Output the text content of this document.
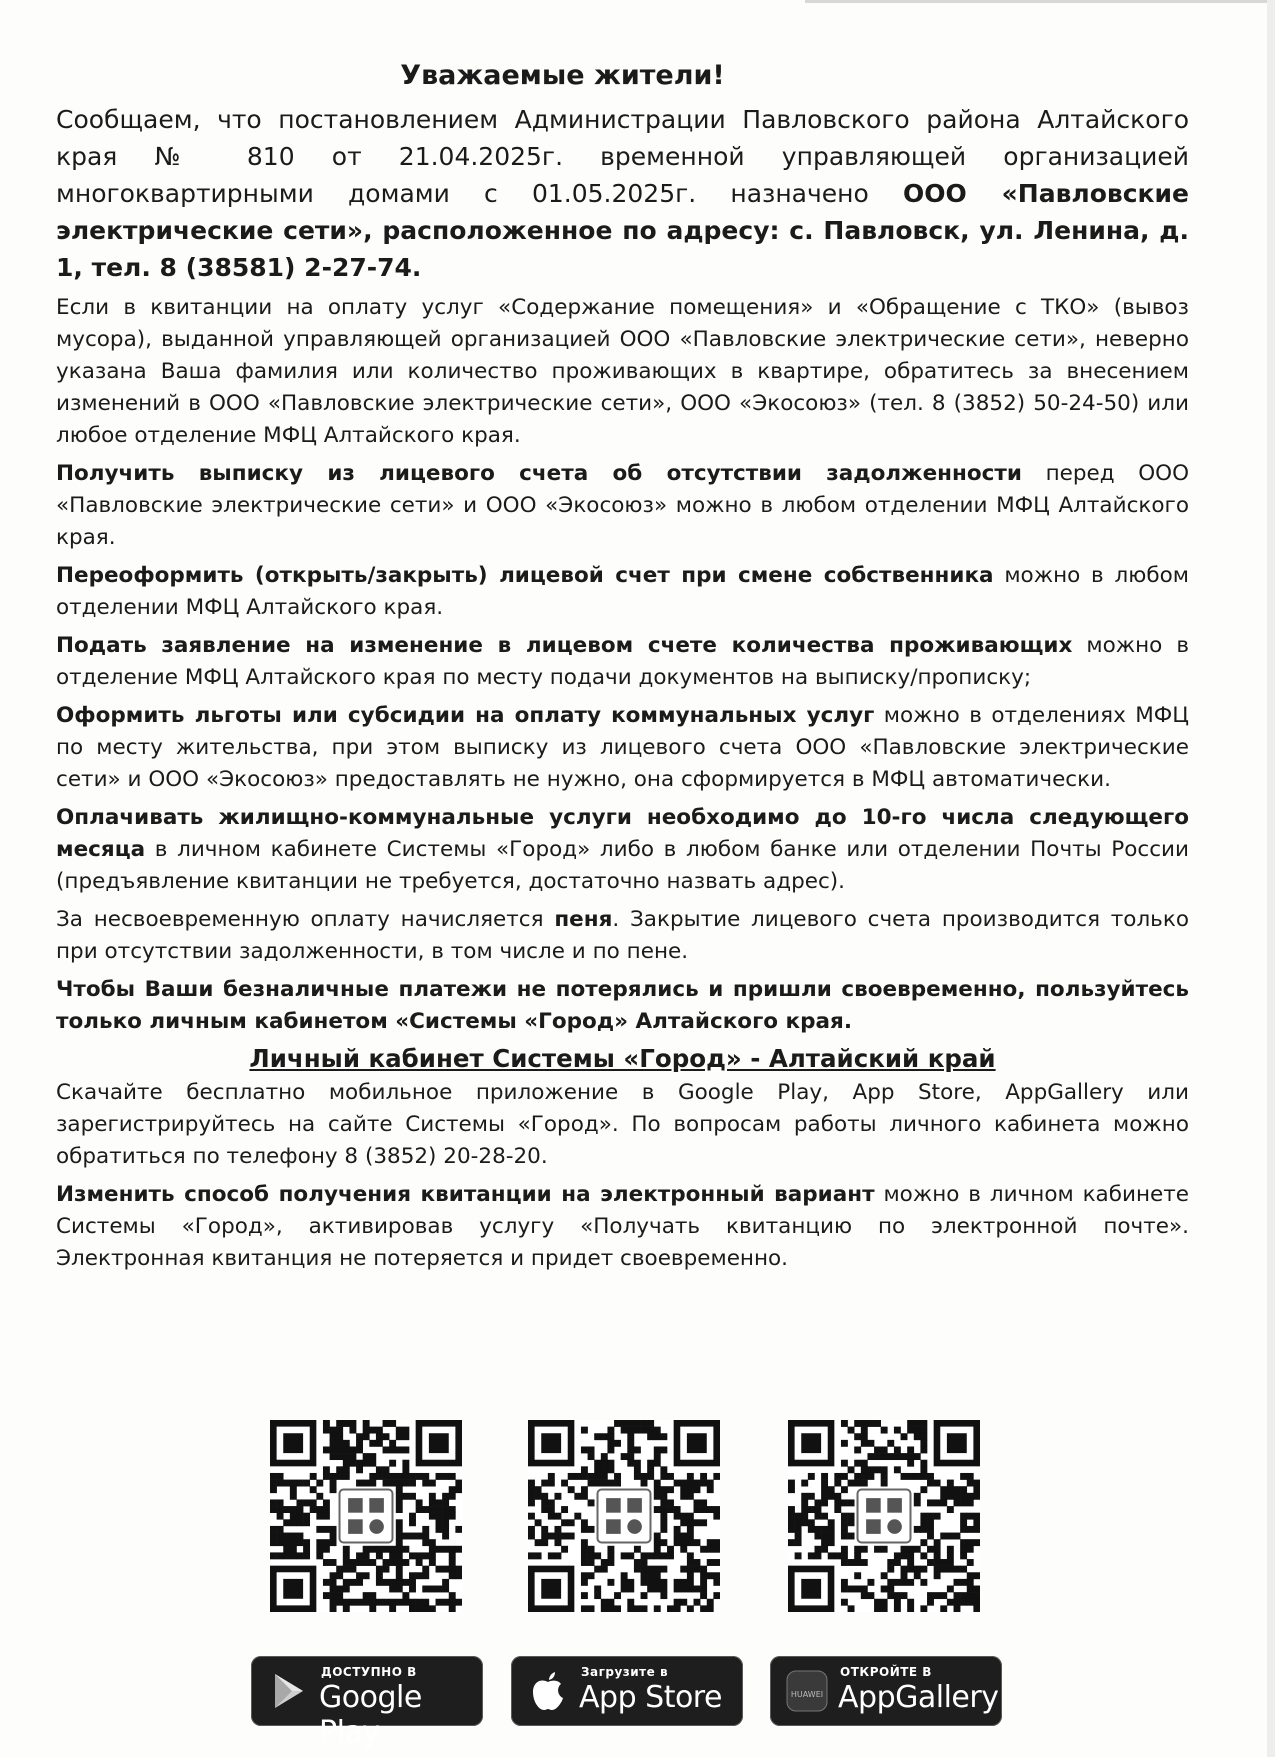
Уважаемые жители!

Сообщаем, что постановлением Администрации Павловского района Алтайского края № 810 от 21.04.2025г. временной управляющей организацией многоквартирными домами с 01.05.2025г. назначено ООО «Павловские электрические сети», расположенное по адресу: с. Павловск, ул. Ленина, д. 1, тел. 8 (38581) 2-27-74.

Если в квитанции на оплату услуг «Содержание помещения» и «Обращение с ТКО» (вывоз мусора), выданной управляющей организацией ООО «Павловские электрические сети», неверно указана Ваша фамилия или количество проживающих в квартире, обратитесь за внесением изменений в ООО «Павловские электрические сети», ООО «Экосоюз» (тел. 8 (3852) 50-24-50) или любое отделение МФЦ Алтайского края.

Получить выписку из лицевого счета об отсутствии задолженности перед ООО «Павловские электрические сети» и ООО «Экосоюз» можно в любом отделении МФЦ Алтайского края.

Переоформить (открыть/закрыть) лицевой счет при смене собственника можно в любом отделении МФЦ Алтайского края.

Подать заявление на изменение в лицевом счете количества проживающих можно в отделение МФЦ Алтайского края по месту подачи документов на выписку/прописку;

Оформить льготы или субсидии на оплату коммунальных услуг можно в отделениях МФЦ по месту жительства, при этом выписку из лицевого счета ООО «Павловские электрические сети» и ООО «Экосоюз» предоставлять не нужно, она сформируется в МФЦ автоматически.

Оплачивать жилищно-коммунальные услуги необходимо до 10-го числа следующего месяца в личном кабинете Системы «Город» либо в любом банке или отделении Почты России (предъявление квитанции не требуется, достаточно назвать адрес).

За несвоевременную оплату начисляется пеня. Закрытие лицевого счета производится только при отсутствии задолженности, в том числе и по пене.

Чтобы Ваши безналичные платежи не потерялись и пришли своевременно, пользуйтесь только личным кабинетом «Системы «Город» Алтайского края.

Личный кабинет Системы «Город» - Алтайский край

Скачайте бесплатно мобильное приложение в Google Play, App Store, AppGallery или зарегистрируйтесь на сайте Системы «Город». По вопросам работы личного кабинета можно обратиться по телефону 8 (3852) 20-28-20.

Изменить способ получения квитанции на электронный вариант можно в личном кабинете Системы «Город», активировав услугу «Получать квитанцию по электронной почте». Электронная квитанция не потеряется и придет своевременно.

ДОСТУПНО В
Google Play
Загрузите в
App Store	HUAWEI
ОТКРОЙТЕ В
AppGallery
